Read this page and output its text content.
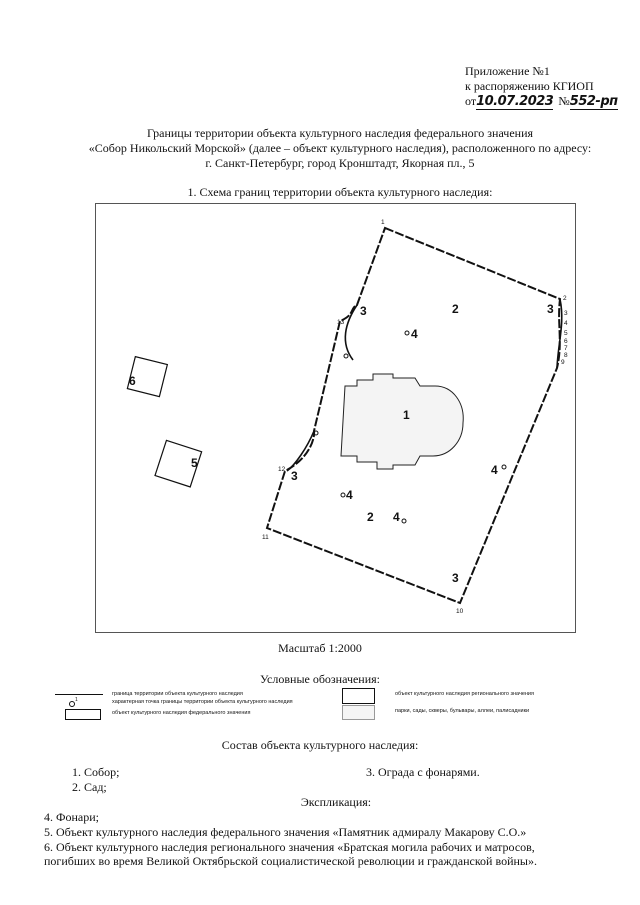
Приложение №1
к распоряжению КГИОП
от10.07.2023 №552-рп
Границы территории объекта культурного наследия федерального значения
«Собор Никольский Морской» (далее – объект культурного наследия), расположенного по адресу:
г. Санкт-Петербург, город Кронштадт, Якорная пл., 5
1. Схема границ территории объекта культурного наследия:
1
2
3
4
5
6
7
8
9
10
11
12
13
1
2
2
3	3
3
3
4
4
4
4
5
6
Масштаб 1:2000
Условные обозначения:
граница территории объекта культурного наследия
1	характерная точка границы территории объекта культурного наследия
объект культурного наследия федерального значения
объект культурного наследия регионального значения
парки, сады, скверы, бульвары, аллеи, палисадники
Состав объекта культурного наследия:
1. Собор;
2. Сад;
3. Ограда с фонарями.
Экспликация:
4. Фонари;
5. Объект культурного наследия федерального значения «Памятник адмиралу Макарову С.О.»
6. Объект культурного наследия регионального значения «Братская могила рабочих и матросов,
погибших во время Великой Октябрьской социалистической революции и гражданской войны».
